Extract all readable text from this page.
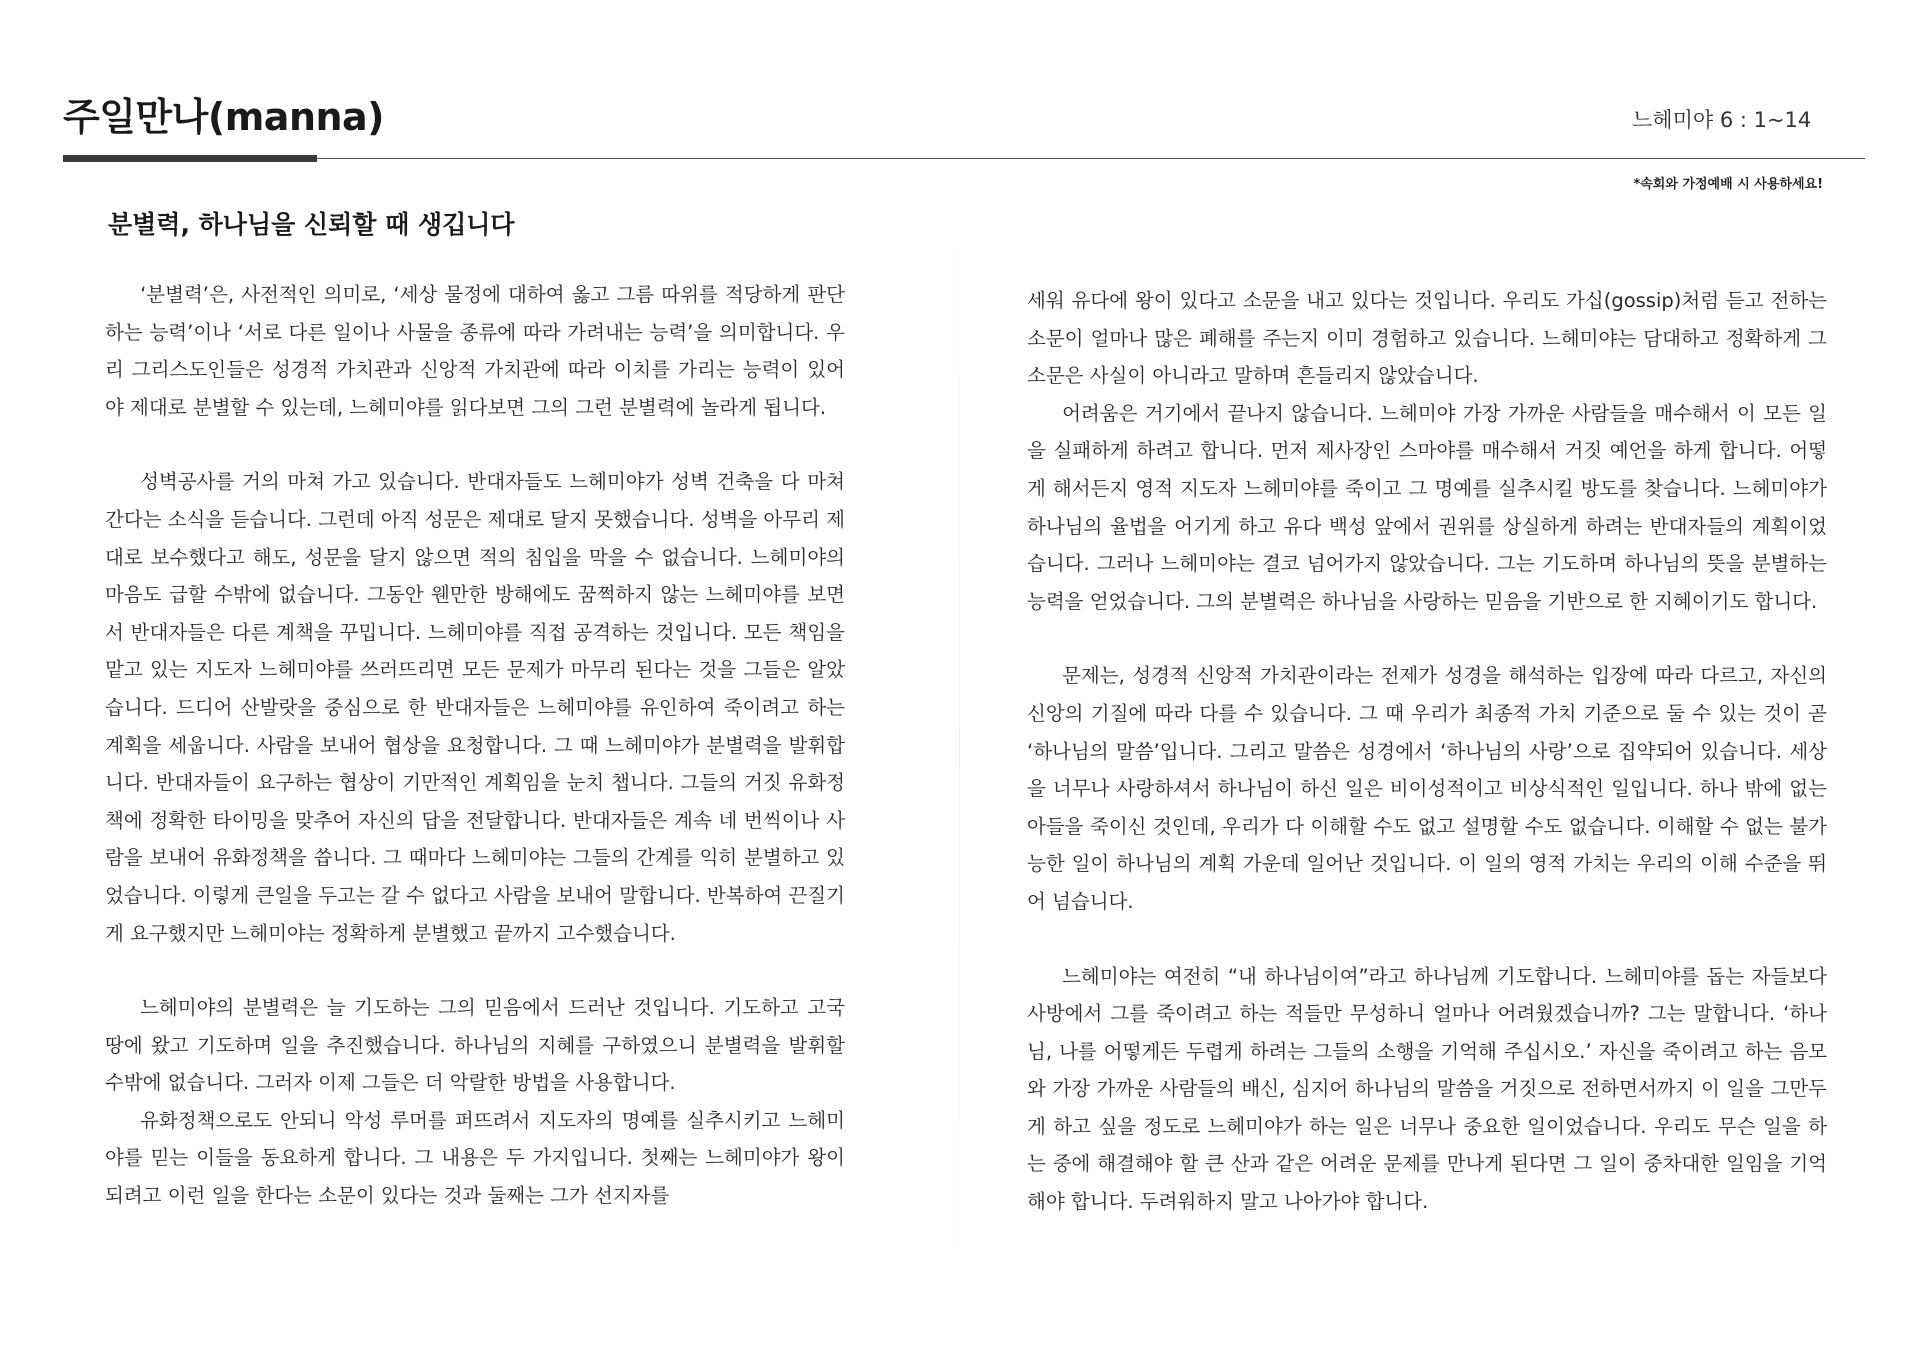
주일만나(manna)	느헤미야 6 : 1~14
*속회와 가정예배 시 사용하세요!
분별력, 하나님을 신뢰할 때 생깁니다

‘분별력’은, 사전적인 의미로, ‘세상 물정에 대하여 옳고 그름 따위를 적당하게 판단하는 능력’이나 ‘서로 다른 일이나 사물을 종류에 따라 가려내는 능력’을 의미합니다. 우리 그리스도인들은 성경적 가치관과 신앙적 가치관에 따라 이치를 가리는 능력이 있어야 제대로 분별할 수 있는데, 느헤미야를 읽다보면 그의 그런 분별력에 놀라게 됩니다.

성벽공사를 거의 마쳐 가고 있습니다. 반대자들도 느헤미야가 성벽 건축을 다 마쳐간다는 소식을 듣습니다. 그런데 아직 성문은 제대로 달지 못했습니다. 성벽을 아무리 제대로 보수했다고 해도, 성문을 달지 않으면 적의 침입을 막을 수 없습니다. 느헤미야의 마음도 급할 수밖에 없습니다. 그동안 웬만한 방해에도 꿈쩍하지 않는 느헤미야를 보면서 반대자들은 다른 계책을 꾸밉니다. 느헤미야를 직접 공격하는 것입니다. 모든 책임을 맡고 있는 지도자 느헤미야를 쓰러뜨리면 모든 문제가 마무리 된다는 것을 그들은 알았습니다. 드디어 산발랏을 중심으로 한 반대자들은 느헤미야를 유인하여 죽이려고 하는 계획을 세웁니다. 사람을 보내어 협상을 요청합니다. 그 때 느헤미야가 분별력을 발휘합니다. 반대자들이 요구하는 협상이 기만적인 계획임을 눈치 챕니다. 그들의 거짓 유화정책에 정확한 타이밍을 맞추어 자신의 답을 전달합니다. 반대자들은 계속 네 번씩이나 사람을 보내어 유화정책을 씁니다. 그 때마다 느헤미야는 그들의 간계를 익히 분별하고 있었습니다. 이렇게 큰일을 두고는 갈 수 없다고 사람을 보내어 말합니다. 반복하여 끈질기게 요구했지만 느헤미야는 정확하게 분별했고 끝까지 고수했습니다.

느헤미야의 분별력은 늘 기도하는 그의 믿음에서 드러난 것입니다. 기도하고 고국 땅에 왔고 기도하며 일을 추진했습니다. 하나님의 지혜를 구하였으니 분별력을 발휘할 수밖에 없습니다. 그러자 이제 그들은 더 악랄한 방법을 사용합니다.

유화정책으로도 안되니 악성 루머를 퍼뜨려서 지도자의 명예를 실추시키고 느헤미야를 믿는 이들을 동요하게 합니다. 그 내용은 두 가지입니다. 첫째는 느헤미야가 왕이 되려고 이런 일을 한다는 소문이 있다는 것과 둘째는 그가 선지자를

세워 유다에 왕이 있다고 소문을 내고 있다는 것입니다. 우리도 가십(gossip)처럼 듣고 전하는 소문이 얼마나 많은 폐해를 주는지 이미 경험하고 있습니다. 느헤미야는 담대하고 정확하게 그 소문은 사실이 아니라고 말하며 흔들리지 않았습니다.

어려움은 거기에서 끝나지 않습니다. 느헤미야 가장 가까운 사람들을 매수해서 이 모든 일을 실패하게 하려고 합니다. 먼저 제사장인 스마야를 매수해서 거짓 예언을 하게 합니다. 어떻게 해서든지 영적 지도자 느헤미야를 죽이고 그 명예를 실추시킬 방도를 찾습니다. 느헤미야가 하나님의 율법을 어기게 하고 유다 백성 앞에서 권위를 상실하게 하려는 반대자들의 계획이었습니다. 그러나 느헤미야는 결코 넘어가지 않았습니다. 그는 기도하며 하나님의 뜻을 분별하는 능력을 얻었습니다. 그의 분별력은 하나님을 사랑하는 믿음을 기반으로 한 지혜이기도 합니다.

문제는, 성경적 신앙적 가치관이라는 전제가 성경을 해석하는 입장에 따라 다르고, 자신의 신앙의 기질에 따라 다를 수 있습니다. 그 때 우리가 최종적 가치 기준으로 둘 수 있는 것이 곧 ‘하나님의 말씀’입니다. 그리고 말씀은 성경에서 ‘하나님의 사랑’으로 집약되어 있습니다. 세상을 너무나 사랑하셔서 하나님이 하신 일은 비이성적이고 비상식적인 일입니다. 하나 밖에 없는 아들을 죽이신 것인데, 우리가 다 이해할 수도 없고 설명할 수도 없습니다. 이해할 수 없는 불가능한 일이 하나님의 계획 가운데 일어난 것입니다. 이 일의 영적 가치는 우리의 이해 수준을 뛰어 넘습니다.

느헤미야는 여전히 “내 하나님이여”라고 하나님께 기도합니다. 느헤미야를 돕는 자들보다 사방에서 그를 죽이려고 하는 적들만 무성하니 얼마나 어려웠겠습니까? 그는 말합니다. ‘하나님, 나를 어떻게든 두렵게 하려는 그들의 소행을 기억해 주십시오.’ 자신을 죽이려고 하는 음모와 가장 가까운 사람들의 배신, 심지어 하나님의 말씀을 거짓으로 전하면서까지 이 일을 그만두게 하고 싶을 정도로 느헤미야가 하는 일은 너무나 중요한 일이었습니다. 우리도 무슨 일을 하는 중에 해결해야 할 큰 산과 같은 어려운 문제를 만나게 된다면 그 일이 중차대한 일임을 기억해야 합니다. 두려워하지 말고 나아가야 합니다.
